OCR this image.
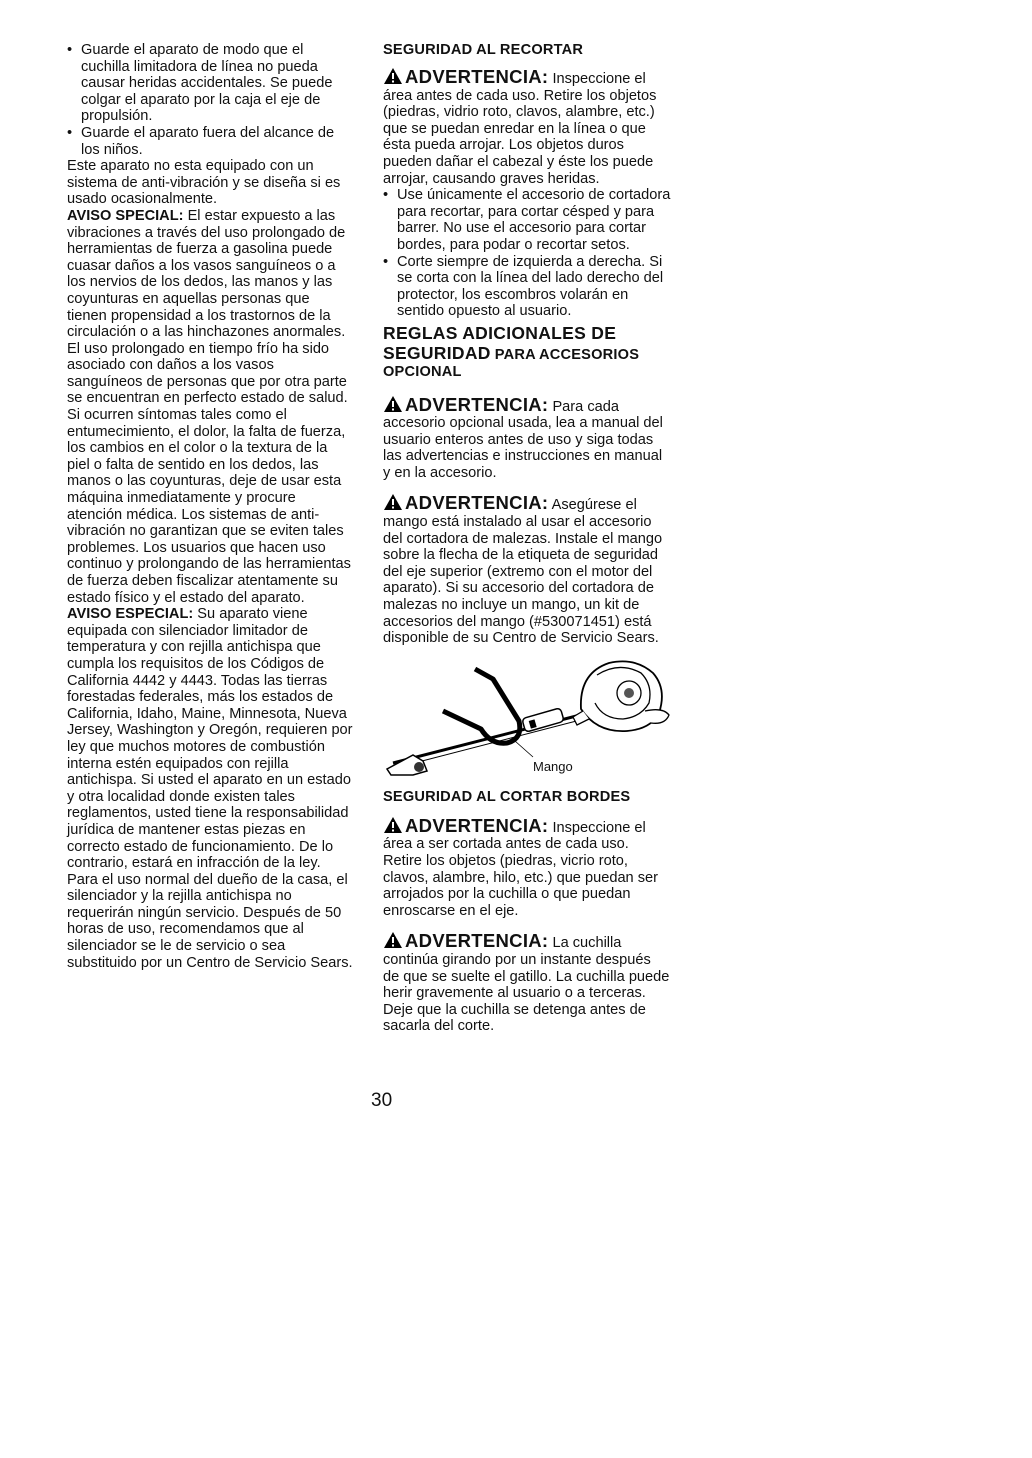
• Guarde el aparato de modo que el cuchilla limitadora de línea no pueda causar heridas accidentales. Se puede colgar el aparato por la caja el eje de propulsión.

• Guarde el aparato fuera del alcance de los niños.

Este aparato no esta equipado con un sistema de anti-vibración y se diseña si es usado ocasionalmente.

AVISO SPECIAL: El estar expuesto a las vibraciones a través del uso prolongado de herramientas de fuerza a gasolina puede cuasar daños a los vasos sanguíneos o a los nervios de los dedos, las manos y las coyunturas en aquellas personas que tienen propensidad a los trastornos de la circulación o a las hinchazones anormales. El uso prolongado en tiempo frío ha sido asociado con daños a los vasos sanguíneos de personas que por otra parte se encuentran en perfecto estado de salud. Si ocurren síntomas tales como el entumecimiento, el dolor, la falta de fuerza, los cambios en el color o la textura de la piel o falta de sentido en los dedos, las manos o las coyunturas, deje de usar esta máquina inmediatamente y procure atención médica. Los sistemas de anti-vibración no garantizan que se eviten tales problemes. Los usuarios que hacen uso continuo y prolongando de las herramientas de fuerza deben fiscalizar atentamente su estado físico y el estado del aparato.

AVISO ESPECIAL: Su aparato viene equipada con silenciador limitador de temperatura y con rejilla antichispa que cumpla los requisitos de los Códigos de California 4442 y 4443. Todas las tierras forestadas federales, más los estados de California, Idaho, Maine, Minnesota, Nueva Jersey, Washington y Oregón, requieren por ley que muchos motores de combustión interna estén equipados con rejilla antichispa. Si usted el aparato en un estado y otra localidad donde existen tales reglamentos, usted tiene la responsabilidad jurídica de mantener estas piezas en correcto estado de funcionamiento. De lo contrario, estará en infracción de la ley. Para el uso normal del dueño de la casa, el silenciador y la rejilla antichispa no requerirán ningún servicio. Después de 50 horas de uso, recomendamos que al silenciador se le de servicio o sea substituido por un Centro de Servicio Sears.

SEGURIDAD AL RECORTAR

ADVERTENCIA: Inspeccione el área antes de cada uso. Retire los objetos (piedras, vidrio roto, clavos, alambre, etc.) que se puedan enredar en la línea o que ésta pueda arrojar. Los objetos duros pueden dañar el cabezal y éste los puede arrojar, causando graves heridas.

• Use únicamente el accesorio de cortadora para recortar, para cortar césped y para barrer. No use el accesorio para cortar bordes, para podar o recortar setos.

• Corte siempre de izquierda a derecha. Si se corta con la línea del lado derecho del protector, los escombros volarán en sentido opuesto al usuario.

REGLAS ADICIONALES DE SEGURIDAD PARA ACCESORIOS OPCIONAL

ADVERTENCIA: Para cada accesorio opcional usada, lea a manual del usuario enteros antes de uso y siga todas las advertencias e instrucciones en manual y en la accesorio.

ADVERTENCIA: Asegúrese el mango está instalado al usar el accesorio del cortadora de malezas. Instale el mango sobre la flecha de la etiqueta de seguridad del eje superior (extremo con el motor del aparato). Si su accesorio del cortadora de malezas no incluye un mango, un kit de accesorios del mango (#530071451) está disponible de su Centro de Servicio Sears.

Mango
SEGURIDAD AL CORTAR BORDES

ADVERTENCIA: Inspeccione el área a ser cortada antes de cada uso. Retire los objetos (piedras, vicrio roto, clavos, alambre, hilo, etc.) que puedan ser arrojados por la cuchilla o que puedan enroscarse en el eje.

ADVERTENCIA: La cuchilla continúa girando por un instante después de que se suelte el gatillo. La cuchilla puede herir gravemente al usuario o a terceras. Deje que la cuchilla se detenga antes de sacarla del corte.

30
